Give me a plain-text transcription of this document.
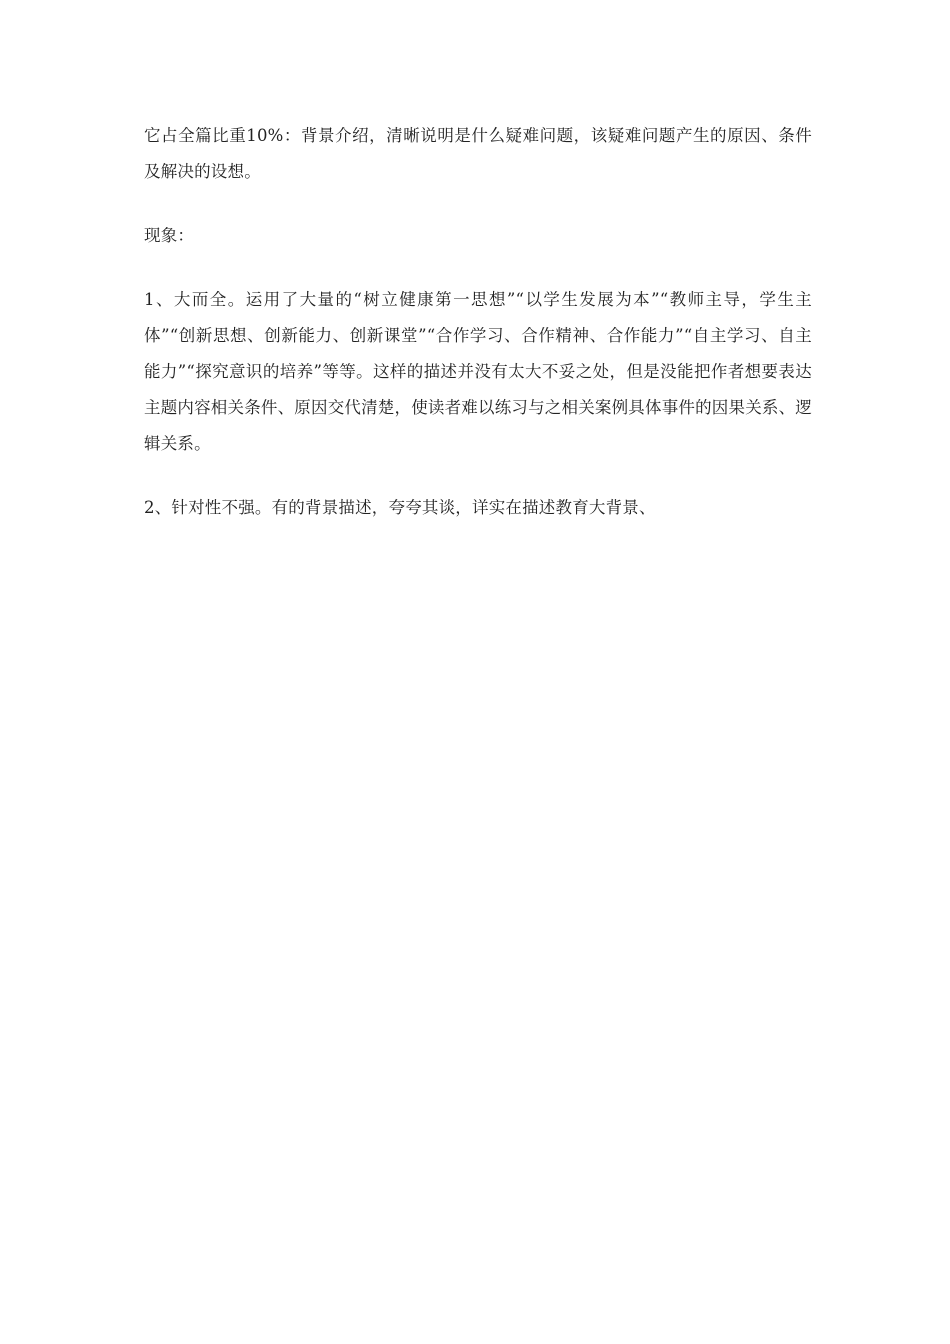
它占全篇比重10%：背景介绍，清晰说明是什么疑难问题，该疑难问题产生的原因、条件及解决的设想。

现象：

1、大而全。运用了大量的“树立健康第一思想”“以学生发展为本”“教师主导，学生主体”“创新思想、创新能力、创新课堂”“合作学习、合作精神、合作能力”“自主学习、自主能力”“探究意识的培养”等等。这样的描述并没有太大不妥之处，但是没能把作者想要表达主题内容相关条件、原因交代清楚，使读者难以练习与之相关案例具体事件的因果关系、逻辑关系。

2、针对性不强。有的背景描述，夸夸其谈，详实在描述教育大背景、
